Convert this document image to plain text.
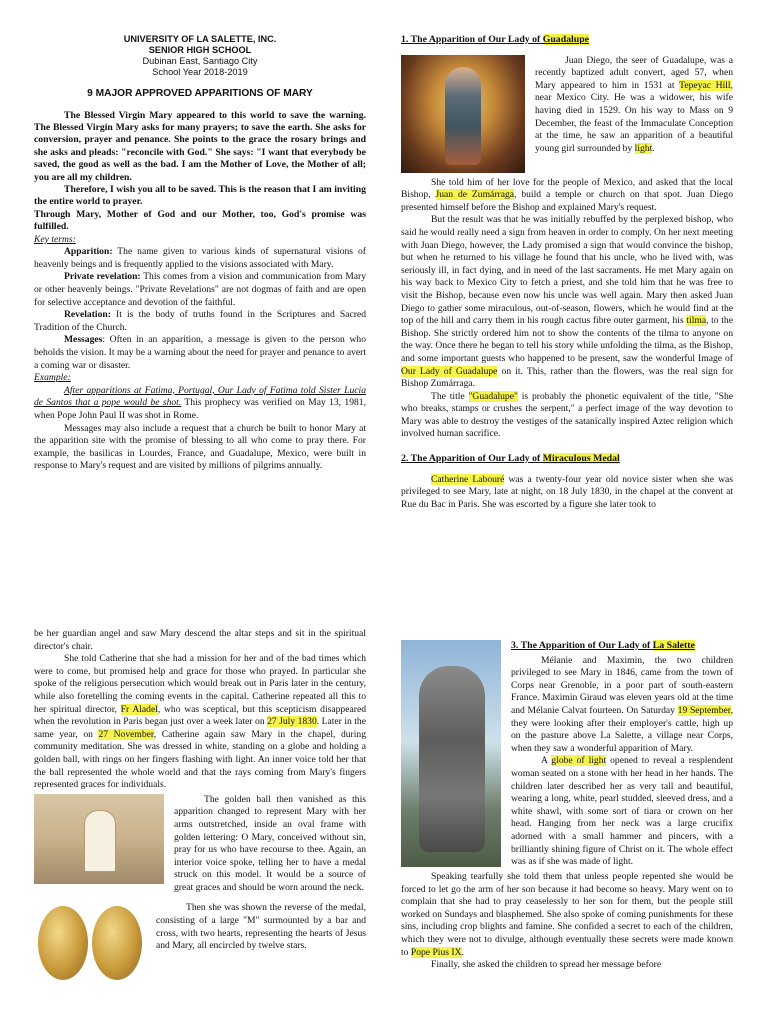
UNIVERSITY OF LA SALETTE, INC.
SENIOR HIGH SCHOOL
Dubinan East, Santiago City
School Year 2018-2019
9 MAJOR APPROVED APPARITIONS OF MARY

The Blessed Virgin Mary appeared to this world to save the warning. The Blessed Virgin Mary asks for many prayers; to save the earth. She asks for conversion, prayer and penance. She points to the grace the rosary brings and she asks and pleads: "reconcile with God." She says: "I want that everybody be saved, the good as well as the bad. I am the Mother of Love, the Mother of all; you are all my children.

Therefore, I wish you all to be saved. This is the reason that I am inviting the entire world to prayer.

Through Mary, Mother of God and our Mother, too, God's promise was fulfilled.

Key terms:

Apparition: The name given to various kinds of supernatural visions of heavenly beings and is frequently applied to the visions associated with Mary.

Private revelation: This comes from a vision and communication from Mary or other heavenly beings. "Private Revelations" are not dogmas of faith and are open for selective acceptance and devotion of the faithful.

Revelation: It is the body of truths found in the Scriptures and Sacred Tradition of the Church.

Messages: Often in an apparition, a message is given to the person who beholds the vision. It may be a warning about the need for prayer and penance to avert a coming war or disaster.

Example:

After apparitions at Fatima, Portugal, Our Lady of Fatima told Sister Lucia de Santos that a pope would be shot. This prophecy was verified on May 13, 1981, when Pope John Paul II was shot in Rome.

Messages may also include a request that a church be built to honor Mary at the apparition site with the promise of blessing to all who come to pray there. For example, the basilicas in Lourdes, France, and Guadalupe, Mexico, were built in response to Mary's request and are visited by millions of pilgrims annually.

1. The Apparition of Our Lady of Guadalupe

Juan Diego, the seer of Guadalupe, was a recently baptized adult convert, aged 57, when Mary appeared to him in 1531 at Tepeyac Hill, near Mexico City. He was a widower, his wife having died in 1529. On his way to Mass on 9 December, the feast of the Immaculate Conception at the time, he saw an apparition of a beautiful young girl surrounded by light.

She told him of her love for the people of Mexico, and asked that the local Bishop, Juan de Zumárraga, build a temple or church on that spot. Juan Diego presented himself before the Bishop and explained Mary's request.

But the result was that he was initially rebuffed by the perplexed bishop, who said he would really need a sign from heaven in order to comply. On her next meeting with Juan Diego, however, the Lady promised a sign that would convince the bishop, but when he returned to his village he found that his uncle, who he lived with, was seriously ill, in fact dying, and in need of the last sacraments. He met Mary again on his way back to Mexico City to fetch a priest, and she told him that he was free to visit the Bishop, because even now his uncle was well again. Mary then asked Juan Diego to gather some miraculous, out-of-season, flowers, which he would find at the top of the hill and carry them in his rough cactus fibre outer garment, his tilma, to the Bishop. She strictly ordered him not to show the contents of the tilma to anyone on the way. Once there he began to tell his story while unfolding the tilma, as the Bishop, and some important guests who happened to be present, saw the wonderful Image of Our Lady of Guadalupe on it. This, rather than the flowers, was the real sign for Bishop Zumárraga.

The title "Guadalupe" is probably the phonetic equivalent of the title, "She who breaks, stamps or crushes the serpent," a perfect image of the way devotion to Mary was able to destroy the vestiges of the satanically inspired Aztec religion which involved human sacrifice.

2. The Apparition of Our Lady of Miraculous Medal

Catherine Labouré was a twenty-four year old novice sister when she was privileged to see Mary, late at night, on 18 July 1830, in the chapel at the convent at Rue du Bac in Paris. She was escorted by a figure she later took to

be her guardian angel and saw Mary descend the altar steps and sit in the spiritual director's chair.

She told Catherine that she had a mission for her and of the bad times which were to come, but promised help and grace for those who prayed. In particular she spoke of the religious persecution which would break out in Paris later in the century, while also foretelling the coming events in the capital. Catherine repeated all this to her spiritual director, Fr Aladel, who was sceptical, but this scepticism disappeared when the revolution in Paris began just over a week later on 27 July 1830. Later in the same year, on 27 November, Catherine again saw Mary in the chapel, during community meditation. She was dressed in white, standing on a globe and holding a golden ball, with rings on her fingers flashing with light. An inner voice told her that the ball represented the whole world and that the rays coming from Mary's fingers represented graces for individuals.

The golden ball then vanished as this apparition changed to represent Mary with her arms outstretched, inside an oval frame with golden lettering: O Mary, conceived without sin, pray for us who have recourse to thee. Again, an interior voice spoke, telling her to have a medal struck on this model. It would be a source of great graces and should be worn around the neck.

Then she was shown the reverse of the medal, consisting of a large "M" surmounted by a bar and cross, with two hearts, representing the hearts of Jesus and Mary, all encircled by twelve stars.

3. The Apparition of Our Lady of La Salette

Mélanie and Maximin, the two children privileged to see Mary in 1846, came from the town of Corps near Grenoble, in a poor part of south-eastern France. Maximin Giraud was eleven years old at the time and Mélanie Calvat fourteen. On Saturday 19 September, they were looking after their employer's cattle, high up on the pasture above La Salette, a village near Corps, when they saw a wonderful apparition of Mary.

A globe of light opened to reveal a resplendent woman seated on a stone with her head in her hands. The children later described her as very tall and beautiful, wearing a long, white, pearl studded, sleeved dress, and a white shawl, with some sort of tiara or crown on her head. Hanging from her neck was a large crucifix adorned with a small hammer and pincers, with a brilliantly shining figure of Christ on it. The whole effect was as if she was made of light.

Speaking tearfully she told them that unless people repented she would be forced to let go the arm of her son because it had become so heavy. Mary went on to complain that she had to pray ceaselessly to her son for them, but the people still worked on Sundays and blasphemed. She also spoke of coming punishments for these sins, including crop blights and famine. She confided a secret to each of the children, which they were not to divulge, although eventually these secrets were made known to Pope Pius IX.

Finally, she asked the children to spread her message before
